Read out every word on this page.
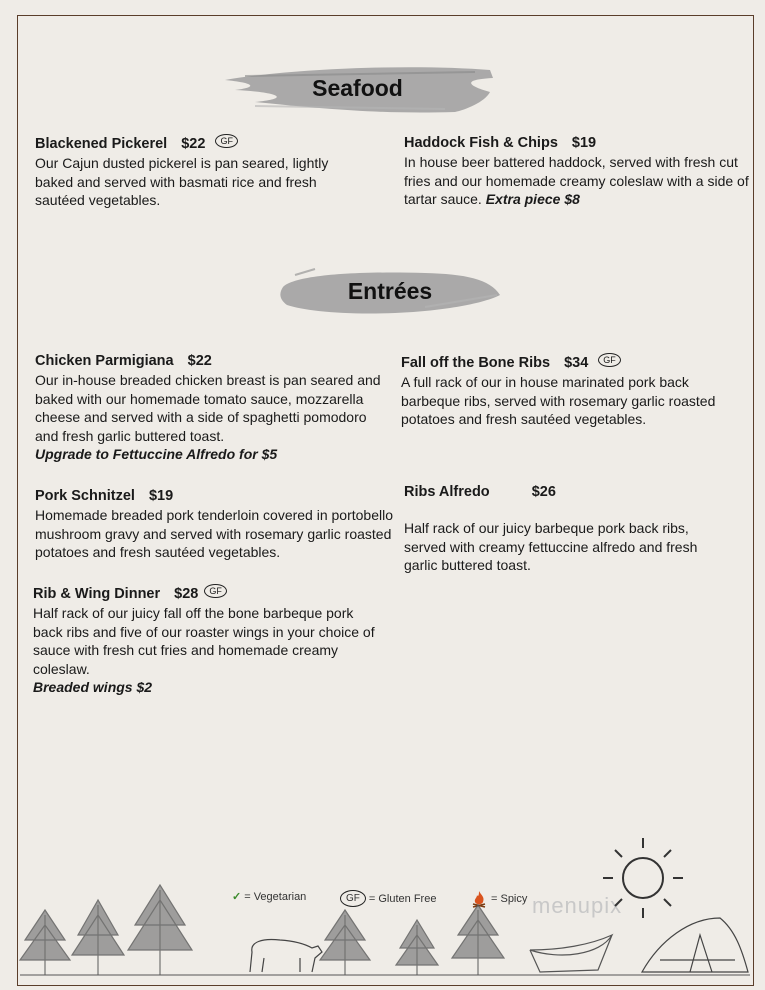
Seafood
Blackened Pickerel $22 GF
Our Cajun dusted pickerel is pan seared, lightly baked and served with basmati rice and fresh sautéed vegetables.
Haddock Fish & Chips $19
In house beer battered haddock, served with fresh cut fries and our homemade creamy coleslaw with a side of tartar sauce. Extra piece $8
Entrées
Chicken Parmigiana $22
Our in-house breaded chicken breast is pan seared and baked with our homemade tomato sauce, mozzarella cheese and served with a side of spaghetti pomodoro and fresh garlic buttered toast.
Upgrade to Fettuccine Alfredo for $5
Fall off the Bone Ribs $34 GF
A full rack of our in house marinated pork back barbeque ribs, served with rosemary garlic roasted potatoes and fresh sautéed vegetables.
Pork Schnitzel $19
Homemade breaded pork tenderloin covered in portobello mushroom gravy and served with rosemary garlic roasted potatoes and fresh sautéed vegetables.
Ribs Alfredo	$26
Half rack of our juicy barbeque pork back ribs, served with creamy fettuccine alfredo and fresh garlic buttered toast.
Rib & Wing Dinner $28 GF
Half rack of our juicy fall off the bone barbeque pork back ribs and five of our roaster wings in your choice of sauce with fresh cut fries and homemade creamy coleslaw.
Breaded wings $2
✓ = Vegetarian	GF = Gluten Free	= Spicy menupix
